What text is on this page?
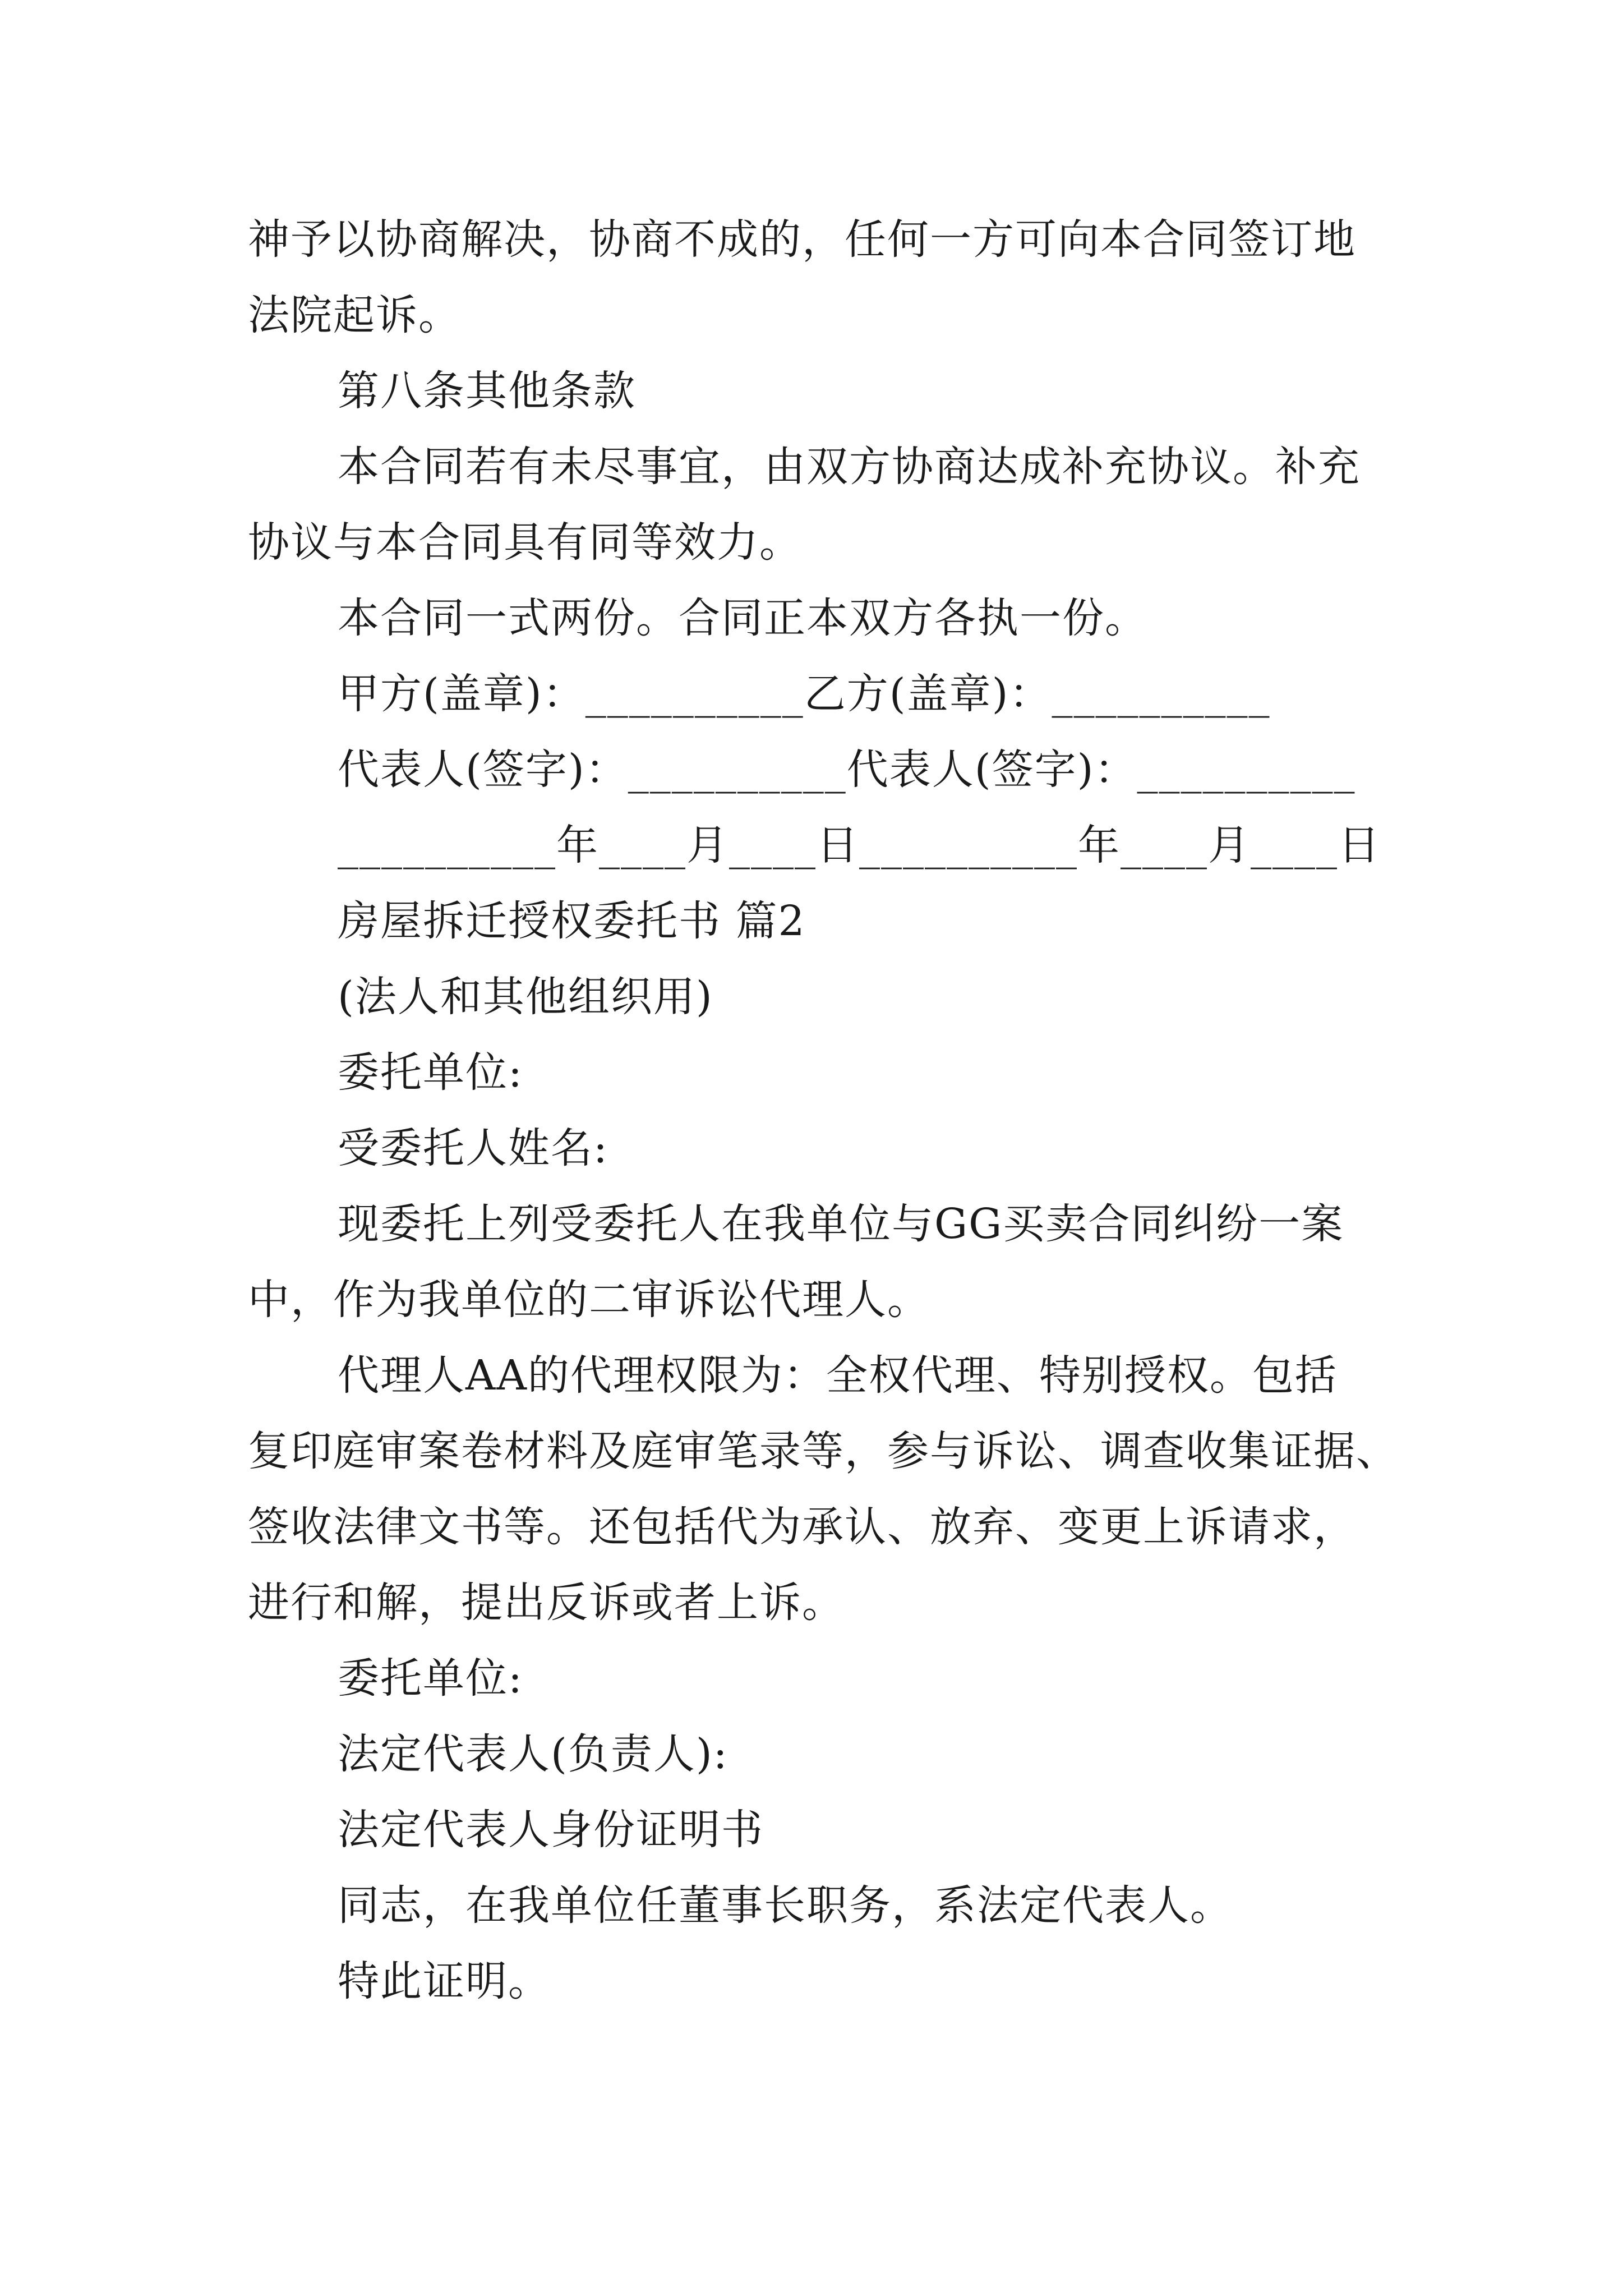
神予以协商解决，协商不成的，任何一方可向本合同签订地
法院起诉。
第八条其他条款
本合同若有未尽事宜，由双方协商达成补充协议。补充
协议与本合同具有同等效力。
本合同一式两份。合同正本双方各执一份。
甲方(盖章)：__________乙方(盖章)：__________
代表人(签字)：__________代表人(签字)：__________
__________年____月____日__________年____月____日
房屋拆迁授权委托书 篇2
(法人和其他组织用)
委托单位:
受委托人姓名:
现委托上列受委托人在我单位与GG买卖合同纠纷一案
中，作为我单位的二审诉讼代理人。
代理人AA的代理权限为：全权代理、特别授权。包括
复印庭审案卷材料及庭审笔录等，参与诉讼、调查收集证据、
签收法律文书等。还包括代为承认、放弃、变更上诉请求，
进行和解，提出反诉或者上诉。
委托单位:
法定代表人(负责人):
法定代表人身份证明书
同志，在我单位任董事长职务，系法定代表人。
特此证明。
